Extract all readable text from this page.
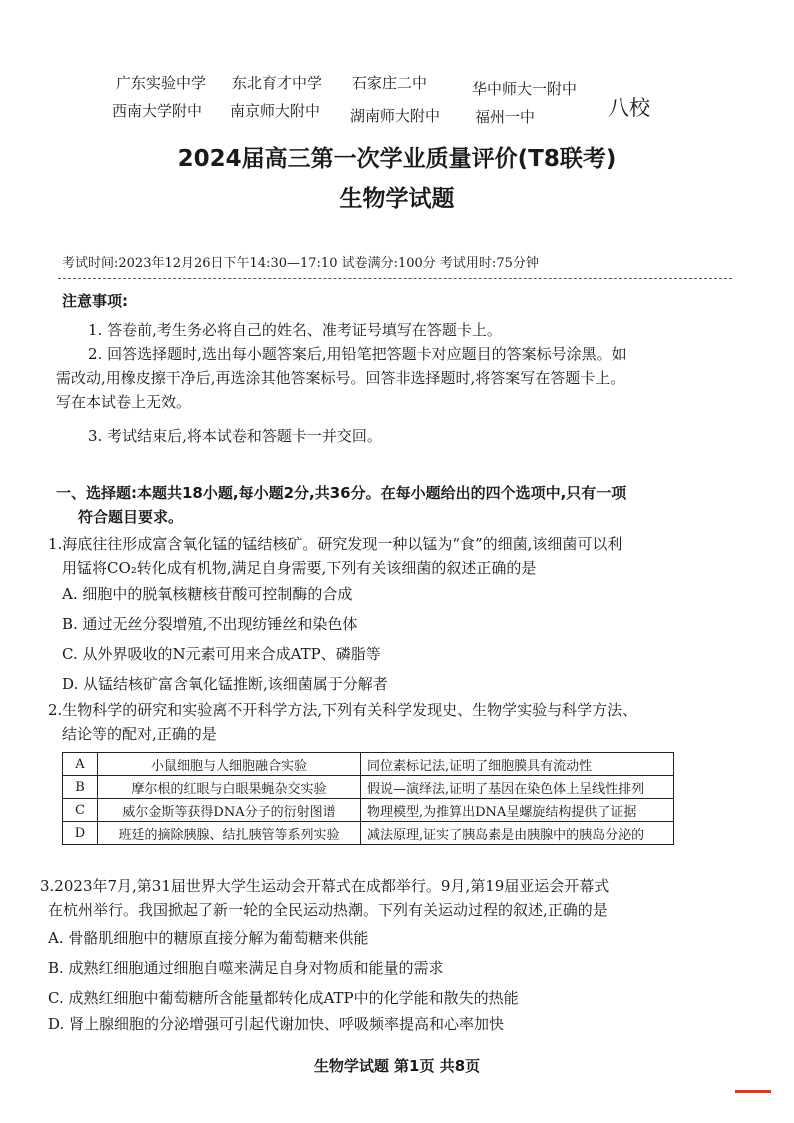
广东实验中学 东北育才中学 石家庄二中	华中师大一附中
西南大学附中 南京师大附中 湖南师大附中 福州一中	八校
2024届高三第一次学业质量评价(T8联考)
生物学试题
考试时间:2023年12月26日下午14:30—17:10 试卷满分:100分 考试用时:75分钟
注意事项:
1. 答卷前,考生务必将自己的姓名、准考证号填写在答题卡上。
2. 回答选择题时,选出每小题答案后,用铅笔把答题卡对应题目的答案标号涂黑。如
需改动,用橡皮擦干净后,再选涂其他答案标号。回答非选择题时,将答案写在答题卡上。
写在本试卷上无效。
3. 考试结束后,将本试卷和答题卡一并交回。
一、选择题:本题共18小题,每小题2分,共36分。在每小题给出的四个选项中,只有一项
符合题目要求。
1.海底往往形成富含氧化锰的锰结核矿。研究发现一种以锰为“食”的细菌,该细菌可以利
用锰将CO₂转化成有机物,满足自身需要,下列有关该细菌的叙述正确的是
A. 细胞中的脱氧核糖核苷酸可控制酶的合成
B. 通过无丝分裂增殖,不出现纺锤丝和染色体
C. 从外界吸收的N元素可用来合成ATP、磷脂等
D. 从锰结核矿富含氧化锰推断,该细菌属于分解者
2.生物科学的研究和实验离不开科学方法,下列有关科学发现史、生物学实验与科学方法、
结论等的配对,正确的是
A	小鼠细胞与人细胞融合实验	同位素标记法,证明了细胞膜具有流动性
B	摩尔根的红眼与白眼果蝇杂交实验	假说—演绎法,证明了基因在染色体上呈线性排列
C	威尔金斯等获得DNA分子的衍射图谱	物理模型,为推算出DNA呈螺旋结构提供了证据
D	班廷的摘除胰腺、结扎胰管等系列实验	减法原理,证实了胰岛素是由胰腺中的胰岛分泌的
3.2023年7月,第31届世界大学生运动会开幕式在成都举行。9月,第19届亚运会开幕式
在杭州举行。我国掀起了新一轮的全民运动热潮。下列有关运动过程的叙述,正确的是
A. 骨骼肌细胞中的糖原直接分解为葡萄糖来供能
B. 成熟红细胞通过细胞自噬来满足自身对物质和能量的需求
C. 成熟红细胞中葡萄糖所含能量都转化成ATP中的化学能和散失的热能
D. 肾上腺细胞的分泌增强可引起代谢加快、呼吸频率提高和心率加快
生物学试题 第1页 共8页
